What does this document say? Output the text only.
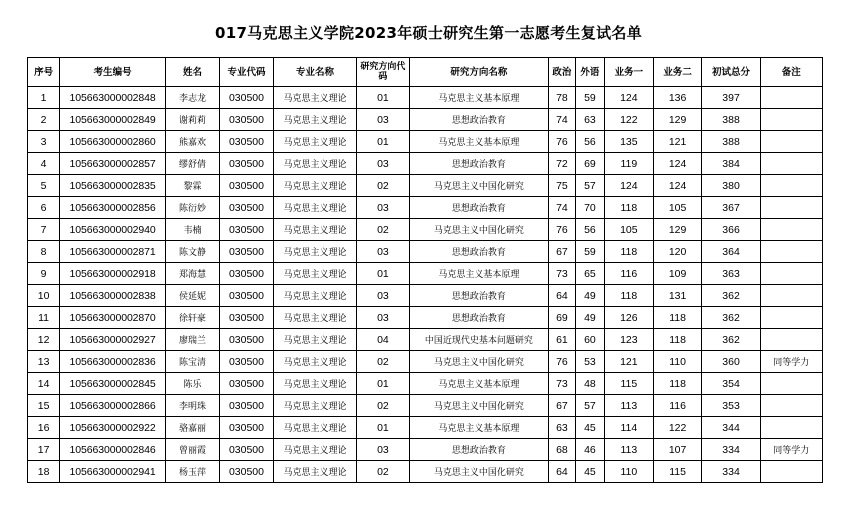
017马克思主义学院2023年硕士研究生第一志愿考生复试名单
序号	考生编号	姓名	专业代码	专业名称	研究方向代码	研究方向名称	政治	外语	业务一	业务二	初试总分	备注
1	105663000002848	李志龙	030500	马克思主义理论	01	马克思主义基本原理	78	59	124	136	397	
2	105663000002849	谢莉莉	030500	马克思主义理论	03	思想政治教育	74	63	122	129	388	
3	105663000002860	熊嘉欢	030500	马克思主义理论	01	马克思主义基本原理	76	56	135	121	388	
4	105663000002857	缪舒倩	030500	马克思主义理论	03	思想政治教育	72	69	119	124	384	
5	105663000002835	黎霖	030500	马克思主义理论	02	马克思主义中国化研究	75	57	124	124	380	
6	105663000002856	陈衍妙	030500	马克思主义理论	03	思想政治教育	74	70	118	105	367	
7	105663000002940	韦楠	030500	马克思主义理论	02	马克思主义中国化研究	76	56	105	129	366	
8	105663000002871	陈文静	030500	马克思主义理论	03	思想政治教育	67	59	118	120	364	
9	105663000002918	郑海慧	030500	马克思主义理论	01	马克思主义基本原理	73	65	116	109	363	
10	105663000002838	侯延妮	030500	马克思主义理论	03	思想政治教育	64	49	118	131	362	
11	105663000002870	徐轩豪	030500	马克思主义理论	03	思想政治教育	69	49	126	118	362	
12	105663000002927	廖瑞兰	030500	马克思主义理论	04	中国近现代史基本问题研究	61	60	123	118	362	
13	105663000002836	陈宝清	030500	马克思主义理论	02	马克思主义中国化研究	76	53	121	110	360	同等学力
14	105663000002845	陈乐	030500	马克思主义理论	01	马克思主义基本原理	73	48	115	118	354	
15	105663000002866	李明珠	030500	马克思主义理论	02	马克思主义中国化研究	67	57	113	116	353	
16	105663000002922	骆嘉丽	030500	马克思主义理论	01	马克思主义基本原理	63	45	114	122	344	
17	105663000002846	曾丽霞	030500	马克思主义理论	03	思想政治教育	68	46	113	107	334	同等学力
18	105663000002941	杨玉萍	030500	马克思主义理论	02	马克思主义中国化研究	64	45	110	115	334	
